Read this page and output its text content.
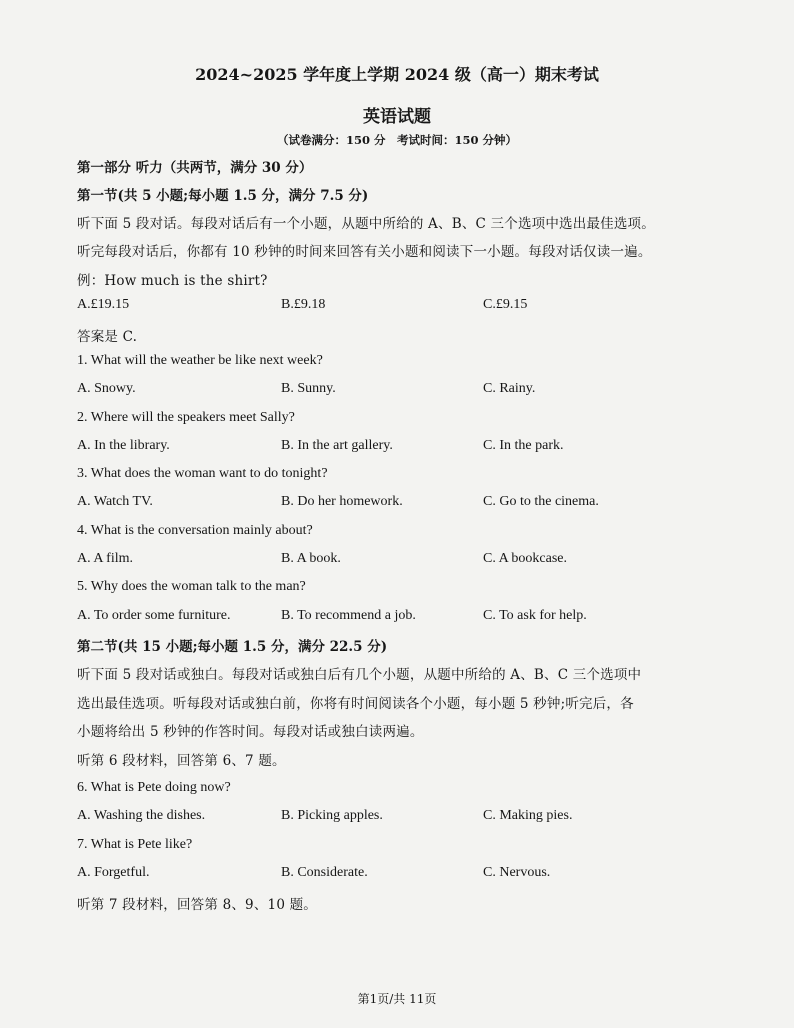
2024~2025 学年度上学期 2024 级（高一）期末考试
英语试题
（试卷满分：150 分　考试时间：150 分钟）
第一部分 听力（共两节，满分 30 分）
第一节(共 5 小题;每小题 1.5 分，满分 7.5 分)
听下面 5 段对话。每段对话后有一个小题，从题中所给的 A、B、C 三个选项中选出最佳选项。
听完每段对话后，你都有 10 秒钟的时间来回答有关小题和阅读下一小题。每段对话仅读一遍。
例：How much is the shirt?
A.£19.15	B.£9.18	C.£9.15
答案是 C.
1. What will the weather be like next week?
A. Snowy.	B. Sunny.	C. Rainy.
2. Where will the speakers meet Sally?
A. In the library.	B. In the art gallery.	C. In the park.
3. What does the woman want to do tonight?
A. Watch TV.	B. Do her homework.	C. Go to the cinema.
4. What is the conversation mainly about?
A. A film.	B. A book.	C. A bookcase.
5. Why does the woman talk to the man?
A. To order some furniture.	B. To recommend a job.	C. To ask for help.
第二节(共 15 小题;每小题 1.5 分，满分 22.5 分)
听下面 5 段对话或独白。每段对话或独白后有几个小题，从题中所给的 A、B、C 三个选项中
选出最佳选项。听每段对话或独白前，你将有时间阅读各个小题，每小题 5 秒钟;听完后，各
小题将给出 5 秒钟的作答时间。每段对话或独白读两遍。
听第 6 段材料，回答第 6、7 题。
6. What is Pete doing now?
A. Washing the dishes.	B. Picking apples.	C. Making pies.
7. What is Pete like?
A. Forgetful.	B. Considerate.	C. Nervous.
听第 7 段材料，回答第 8、9、10 题。
第1页/共 11页
